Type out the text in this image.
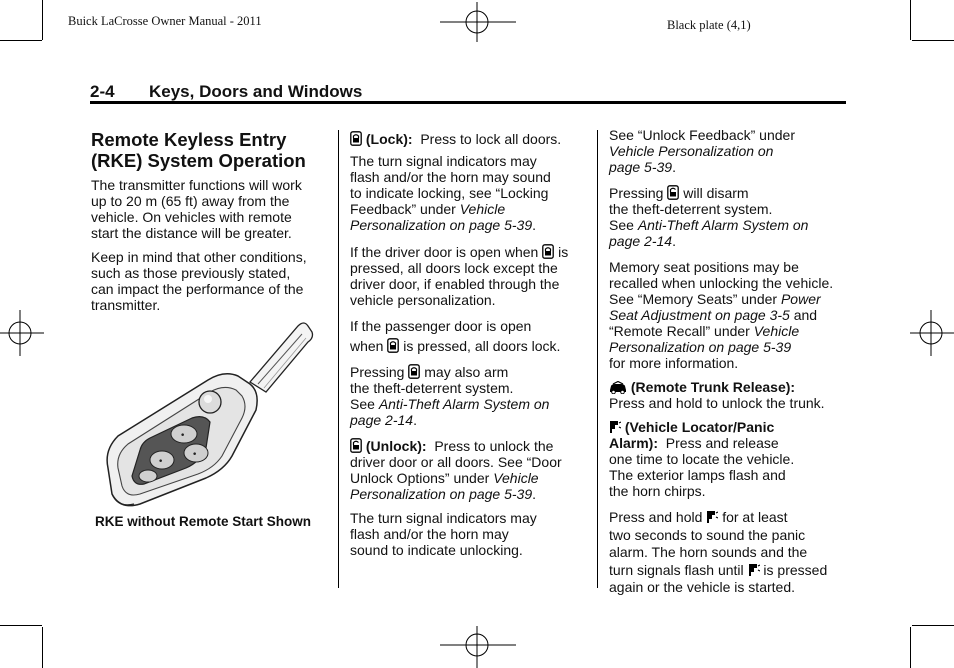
Buick LaCrosse Owner Manual - 2011	Black plate (4,1)
2-4 Keys, Doors and Windows
Remote Keyless Entry
(RKE) System Operation

The transmitter functions will work
up to 20 m (65 ft) away from the
vehicle. On vehicles with remote
start the distance will be greater.

Keep in mind that other conditions,
such as those previously stated,
can impact the performance of the
transmitter.

•
•
•
RKE without Remote Start Shown

(Lock): Press to lock all doors.

The turn signal indicators may
flash and/or the horn may sound
to indicate locking, see “Locking
Feedback” under Vehicle
Personalization on page 5-39.

If the driver door is open when is
pressed, all doors lock except the
driver door, if enabled through the
vehicle personalization.

If the passenger door is open
when is pressed, all doors lock.

Pressing may also arm
the theft-deterrent system.
See Anti-Theft Alarm System on
page 2-14.

(Unlock): Press to unlock the
driver door or all doors. See “Door
Unlock Options” under Vehicle
Personalization on page 5-39.

The turn signal indicators may
flash and/or the horn may
sound to indicate unlocking.

See “Unlock Feedback” under
Vehicle Personalization on
page 5-39.

Pressing will disarm
the theft-deterrent system.
See Anti-Theft Alarm System on
page 2-14.

Memory seat positions may be
recalled when unlocking the vehicle.
See “Memory Seats” under Power
Seat Adjustment on page 3-5 and
“Remote Recall” under Vehicle
Personalization on page 5-39
for more information.

(Remote Trunk Release):
Press and hold to unlock the trunk.

(Vehicle Locator/Panic
Alarm): Press and release
one time to locate the vehicle.
The exterior lamps flash and
the horn chirps.

Press and hold for at least
two seconds to sound the panic
alarm. The horn sounds and the
turn signals flash until is pressed
again or the vehicle is started.
